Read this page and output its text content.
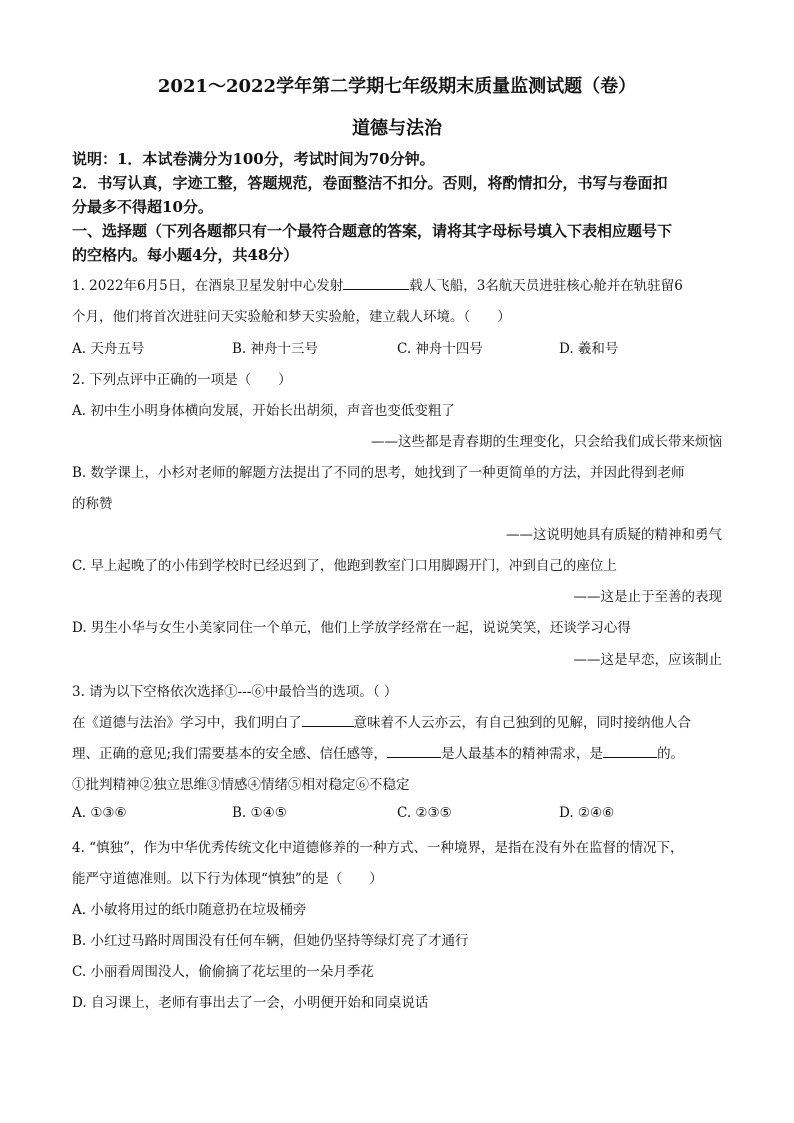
2021～2022学年第二学期七年级期末质量监测试题（卷）
道德与法治
说明：1．本试卷满分为100分，考试时间为70分钟。
2．书写认真，字迹工整，答题规范，卷面整洁不扣分。否则，将酌情扣分，书写与卷面扣
分最多不得超10分。
一、选择题（下列各题都只有一个最符合题意的答案，请将其字母标号填入下表相应题号下
的空格内。每小题4分，共48分）
1. 2022年6月5日，在酒泉卫星发射中心发射	载人飞船，3名航天员进驻核心舱并在轨驻留6
个月，他们将首次进驻问天实验舱和梦天实验舱，建立载人环境。（　　）
A. 天舟五号	B. 神舟十三号	C. 神舟十四号	D. 羲和号
2. 下列点评中正确的一项是（　　）
A. 初中生小明身体横向发展，开始长出胡须，声音也变低变粗了
——这些都是青春期的生理变化，只会给我们成长带来烦恼
B. 数学课上，小杉对老师的解题方法提出了不同的思考，她找到了一种更简单的方法，并因此得到老师
的称赞
——这说明她具有质疑的精神和勇气
C. 早上起晚了的小伟到学校时已经迟到了，他跑到教室门口用脚踢开门，冲到自己的座位上
——这是止于至善的表现
D. 男生小华与女生小美家同住一个单元，他们上学放学经常在一起，说说笑笑，还谈学习心得
——这是早恋，应该制止
3. 请为以下空格依次选择①---⑥中最恰当的选项。（ ）
在《道德与法治》学习中，我们明白了	意味着不人云亦云，有自己独到的见解，同时接纳他人合
理、正确的意见;我们需要基本的安全感、信任感等，	是人最基本的精神需求，是	的。
①批判精神②独立思维③情感④情绪⑤相对稳定⑥不稳定
A. ①③⑥	B. ①④⑤	C. ②③⑤	D. ②④⑥
4. “慎独”，作为中华优秀传统文化中道德修养的一种方式、一种境界，是指在没有外在监督的情况下，
能严守道德准则。以下行为体现“慎独”的是（　　）
A. 小敏将用过的纸巾随意扔在垃圾桶旁
B. 小红过马路时周围没有任何车辆，但她仍坚持等绿灯亮了才通行
C. 小丽看周围没人，偷偷摘了花坛里的一朵月季花
D. 自习课上，老师有事出去了一会，小明便开始和同桌说话
